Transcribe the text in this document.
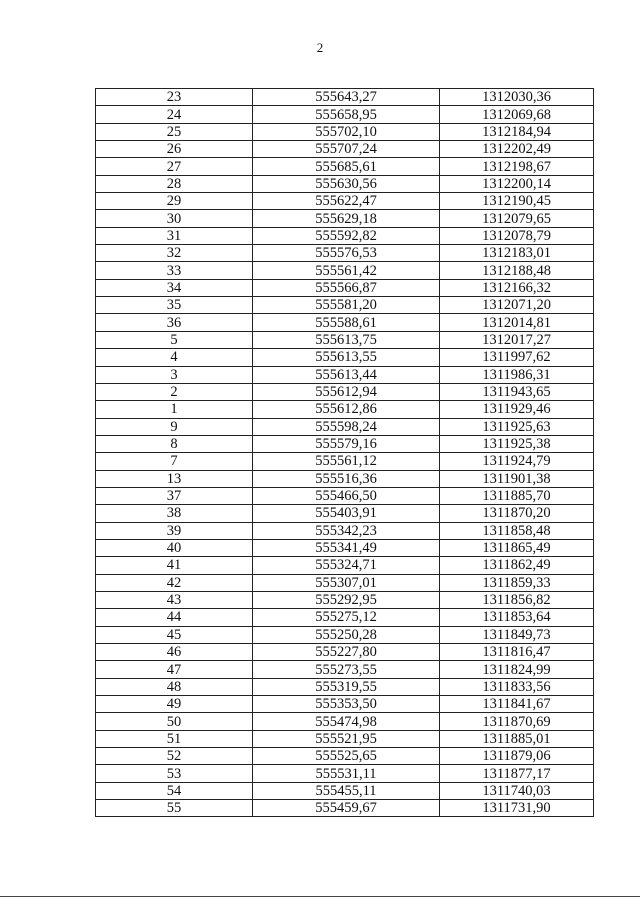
2
23	555643,27	1312030,36
24	555658,95	1312069,68
25	555702,10	1312184,94
26	555707,24	1312202,49
27	555685,61	1312198,67
28	555630,56	1312200,14
29	555622,47	1312190,45
30	555629,18	1312079,65
31	555592,82	1312078,79
32	555576,53	1312183,01
33	555561,42	1312188,48
34	555566,87	1312166,32
35	555581,20	1312071,20
36	555588,61	1312014,81
5	555613,75	1312017,27
4	555613,55	1311997,62
3	555613,44	1311986,31
2	555612,94	1311943,65
1	555612,86	1311929,46
9	555598,24	1311925,63
8	555579,16	1311925,38
7	555561,12	1311924,79
13	555516,36	1311901,38
37	555466,50	1311885,70
38	555403,91	1311870,20
39	555342,23	1311858,48
40	555341,49	1311865,49
41	555324,71	1311862,49
42	555307,01	1311859,33
43	555292,95	1311856,82
44	555275,12	1311853,64
45	555250,28	1311849,73
46	555227,80	1311816,47
47	555273,55	1311824,99
48	555319,55	1311833,56
49	555353,50	1311841,67
50	555474,98	1311870,69
51	555521,95	1311885,01
52	555525,65	1311879,06
53	555531,11	1311877,17
54	555455,11	1311740,03
55	555459,67	1311731,90
